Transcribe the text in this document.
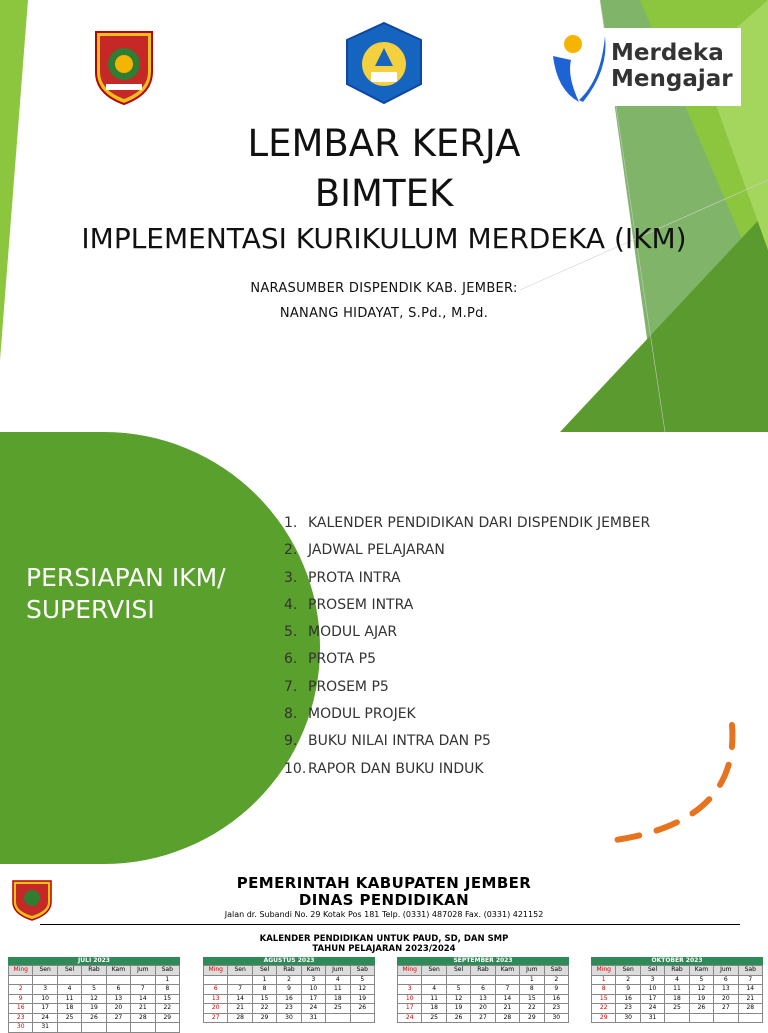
Merdeka
Mengajar
LEMBAR KERJA
BIMTEK
IMPLEMENTASI KURIKULUM MERDEKA (IKM)
NARASUMBER DISPENDIK KAB. JEMBER:
NANANG HIDAYAT, S.Pd., M.Pd.
PERSIAPAN IKM/ SUPERVISI
1. KALENDER PENDIDIKAN DARI DISPENDIK JEMBER
2. JADWAL PELAJARAN
3. PROTA INTRA
4. PROSEM INTRA
5. MODUL AJAR
6. PROTA P5
7. PROSEM P5
8. MODUL PROJEK
9. BUKU NILAI INTRA DAN P5
10. RAPOR DAN BUKU INDUK
PEMERINTAH KABUPATEN JEMBER
DINAS PENDIDIKAN
Jalan dr. Subandi No. 29 Kotak Pos 181 Telp. (0331) 487028 Fax. (0331) 421152
KALENDER PENDIDIKAN UNTUK PAUD, SD, DAN SMP
TAHUN PELAJARAN 2023/2024
JULI 2023
Ming	Sen	Sel	Rab	Kam	Jum	Sab
						1
2	3	4	5	6	7	8
9	10	11	12	13	14	15
16	17	18	19	20	21	22
23	24	25	26	27	28	29
30	31					
AGUSTUS 2023
Ming	Sen	Sel	Rab	Kam	Jum	Sab
		1	2	3	4	5
6	7	8	9	10	11	12
13	14	15	16	17	18	19
20	21	22	23	24	25	26
27	28	29	30	31		
SEPTEMBER 2023
Ming	Sen	Sel	Rab	Kam	Jum	Sab
					1	2
3	4	5	6	7	8	9
10	11	12	13	14	15	16
17	18	19	20	21	22	23
24	25	26	27	28	29	30
OKTOBER 2023
Ming	Sen	Sel	Rab	Kam	Jum	Sab
1	2	3	4	5	6	7
8	9	10	11	12	13	14
15	16	17	18	19	20	21
22	23	24	25	26	27	28
29	30	31				
